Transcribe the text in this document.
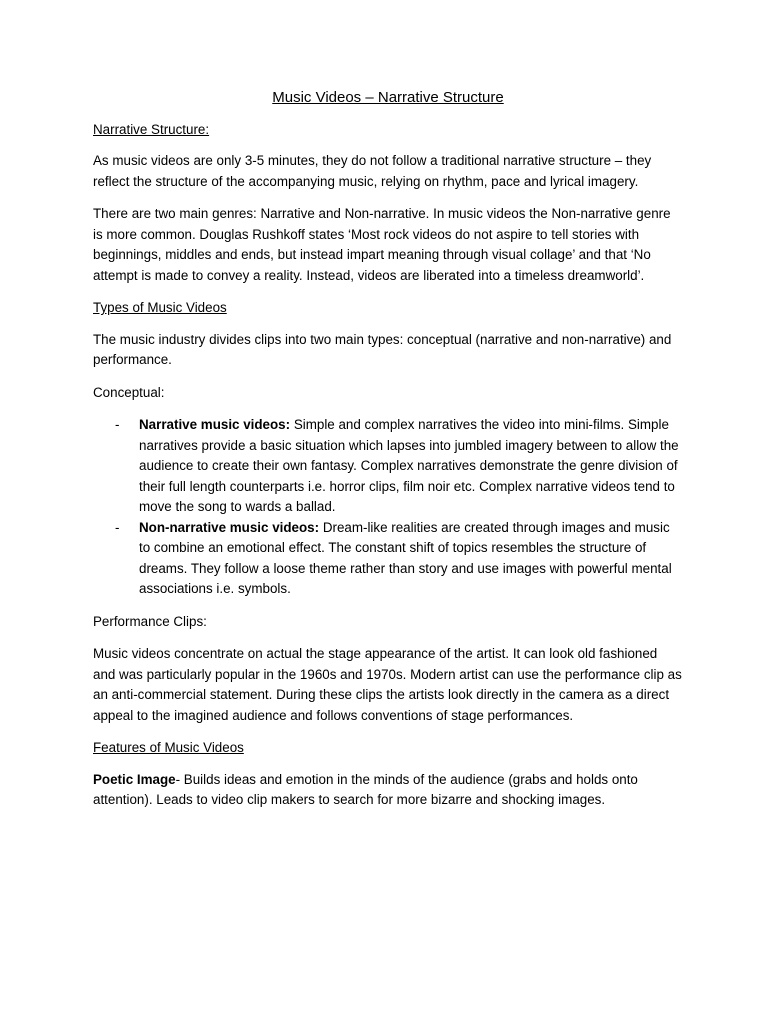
Music Videos – Narrative Structure
Narrative Structure:

As music videos are only 3-5 minutes, they do not follow a traditional narrative structure – they reflect the structure of the accompanying music, relying on rhythm, pace and lyrical imagery.

There are two main genres: Narrative and Non-narrative. In music videos the Non-narrative genre is more common. Douglas Rushkoff states ‘Most rock videos do not aspire to tell stories with beginnings, middles and ends, but instead impart meaning through visual collage’ and that ‘No attempt is made to convey a reality. Instead, videos are liberated into a timeless dreamworld’.

Types of Music Videos

The music industry divides clips into two main types: conceptual (narrative and non-narrative) and performance.

Conceptual:
- Narrative music videos: Simple and complex narratives the video into mini-films. Simple narratives provide a basic situation which lapses into jumbled imagery between to allow the audience to create their own fantasy. Complex narratives demonstrate the genre division of their full length counterparts i.e. horror clips, film noir etc. Complex narrative videos tend to move the song to wards a ballad.
- Non-narrative music videos: Dream-like realities are created through images and music to combine an emotional effect. The constant shift of topics resembles the structure of dreams. They follow a loose theme rather than story and use images with powerful mental associations i.e. symbols.
Performance Clips:

Music videos concentrate on actual the stage appearance of the artist. It can look old fashioned and was particularly popular in the 1960s and 1970s. Modern artist can use the performance clip as an anti-commercial statement. During these clips the artists look directly in the camera as a direct appeal to the imagined audience and follows conventions of stage performances.

Features of Music Videos

Poetic Image- Builds ideas and emotion in the minds of the audience (grabs and holds onto attention). Leads to video clip makers to search for more bizarre and shocking images.
